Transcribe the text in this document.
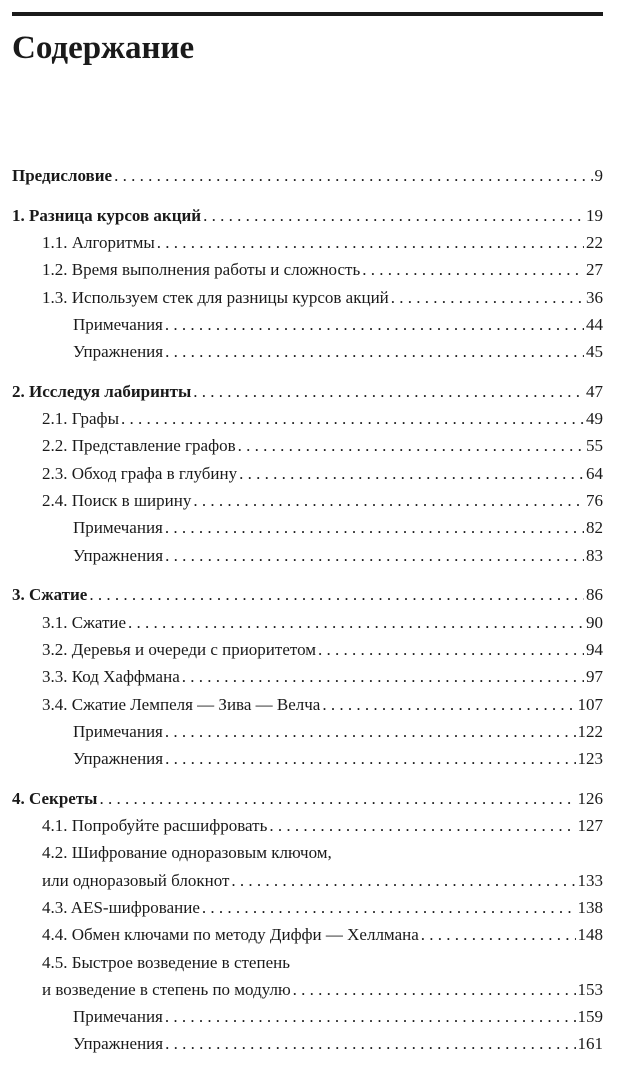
Содержание
Предисловие . . .	9
1. Разница курсов акций . . .	19
1.1. Алгоритмы . . .	22
1.2. Время выполнения работы и сложность . . .	27
1.3. Используем стек для разницы курсов акций . . .	36
Примечания . . .	44
Упражнения . . .	45
2. Исследуя лабиринты . . .	47
2.1. Графы . . .	49
2.2. Представление графов . . .	55
2.3. Обход графа в глубину . . .	64
2.4. Поиск в ширину . . .	76
Примечания . . .	82
Упражнения . . .	83
3. Сжатие . . .	86
3.1. Сжатие . . .	90
3.2. Деревья и очереди с приоритетом . . .	94
3.3. Код Хаффмана . . .	97
3.4. Сжатие Лемпеля — Зива — Велча . . .	107
Примечания . . .	122
Упражнения . . .	123
4. Секреты . . .	126
4.1. Попробуйте расшифровать . . .	127
4.2. Шифрование одноразовым ключом,
или одноразовый блокнот . . .	133
4.3. AES-шифрование . . .	138
4.4. Обмен ключами по методу Диффи — Хеллмана . . .	148
4.5. Быстрое возведение в степень
и возведение в степень по модулю . . .	153
Примечания . . .	159
Упражнения . . .	161
